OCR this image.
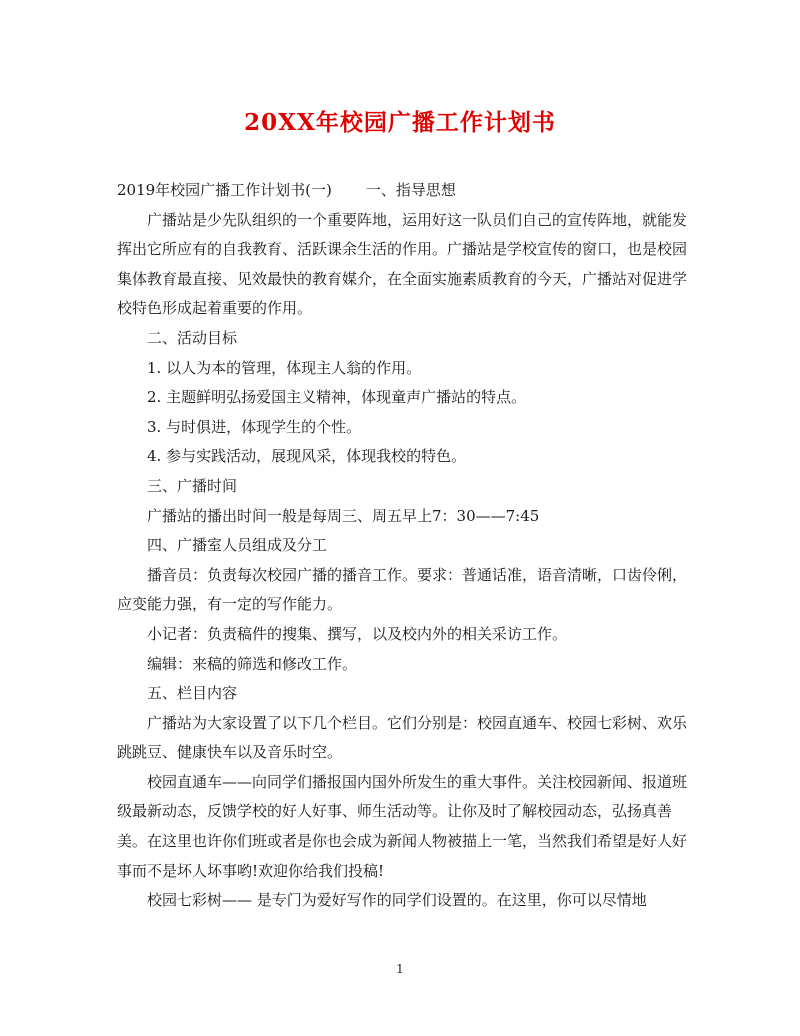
20XX年校园广播工作计划书

2019年校园广播工作计划书(一) 一、指导思想

广播站是少先队组织的一个重要阵地，运用好这一队员们自己的宣传阵地，就能发挥出它所应有的自我教育、活跃课余生活的作用。广播站是学校宣传的窗口，也是校园集体教育最直接、见效最快的教育媒介，在全面实施素质教育的今天，广播站对促进学校特色形成起着重要的作用。

二、活动目标

1. 以人为本的管理，体现主人翁的作用。

2. 主题鲜明弘扬爱国主义精神，体现童声广播站的特点。

3. 与时俱进，体现学生的个性。

4. 参与实践活动，展现风采，体现我校的特色。

三、广播时间

广播站的播出时间一般是每周三、周五早上7：30——7:45

四、广播室人员组成及分工

播音员：负责每次校园广播的播音工作。要求：普通话准，语音清晰，口齿伶俐，应变能力强，有一定的写作能力。

小记者：负责稿件的搜集、撰写，以及校内外的相关采访工作。

编辑：来稿的筛选和修改工作。

五、栏目内容

广播站为大家设置了以下几个栏目。它们分别是：校园直通车、校园七彩树、欢乐跳跳豆、健康快车以及音乐时空。

校园直通车——向同学们播报国内国外所发生的重大事件。关注校园新闻、报道班级最新动态，反馈学校的好人好事、师生活动等。让你及时了解校园动态，弘扬真善美。在这里也许你们班或者是你也会成为新闻人物被描上一笔，当然我们希望是好人好事而不是坏人坏事哟!欢迎你给我们投稿!

校园七彩树—— 是专门为爱好写作的同学们设置的。在这里，你可以尽情地

1
